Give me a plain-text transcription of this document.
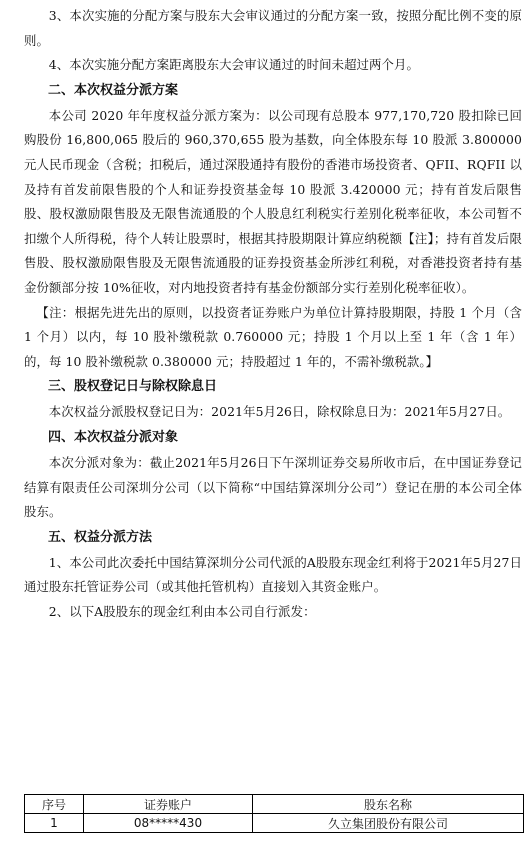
3、本次实施的分配方案与股东大会审议通过的分配方案一致，按照分配比例不变的原则。

4、本次实施分配方案距离股东大会审议通过的时间未超过两个月。

二、本次权益分派方案

本公司 2020 年年度权益分派方案为：以公司现有总股本 977,170,720 股扣除已回购股份 16,800,065 股后的 960,370,655 股为基数，向全体股东每 10 股派 3.800000 元人民币现金（含税；扣税后，通过深股通持有股份的香港市场投资者、QFII、RQFII 以及持有首发前限售股的个人和证券投资基金每 10 股派 3.420000 元；持有首发后限售股、股权激励限售股及无限售流通股的个人股息红利税实行差别化税率征收，本公司暂不扣缴个人所得税，待个人转让股票时，根据其持股期限计算应纳税额【注】；持有首发后限售股、股权激励限售股及无限售流通股的证券投资基金所涉红利税，对香港投资者持有基金份额部分按 10%征收，对内地投资者持有基金份额部分实行差别化税率征收）。

【注：根据先进先出的原则，以投资者证券账户为单位计算持股期限，持股 1 个月（含 1 个月）以内，每 10 股补缴税款 0.760000 元；持股 1 个月以上至 1 年（含 1 年）的，每 10 股补缴税款 0.380000 元；持股超过 1 年的，不需补缴税款。】

三、股权登记日与除权除息日

本次权益分派股权登记日为：2021年5月26日，除权除息日为：2021年5月27日。

四、本次权益分派对象

本次分派对象为：截止2021年5月26日下午深圳证券交易所收市后，在中国证券登记结算有限责任公司深圳分公司（以下简称“中国结算深圳分公司”）登记在册的本公司全体股东。

五、权益分派方法

1、本公司此次委托中国结算深圳分公司代派的A股股东现金红利将于2021年5月27日通过股东托管证券公司（或其他托管机构）直接划入其资金账户。

2、以下A股股东的现金红利由本公司自行派发：

序号	证券账户	股东名称
1	08*****430	久立集团股份有限公司
